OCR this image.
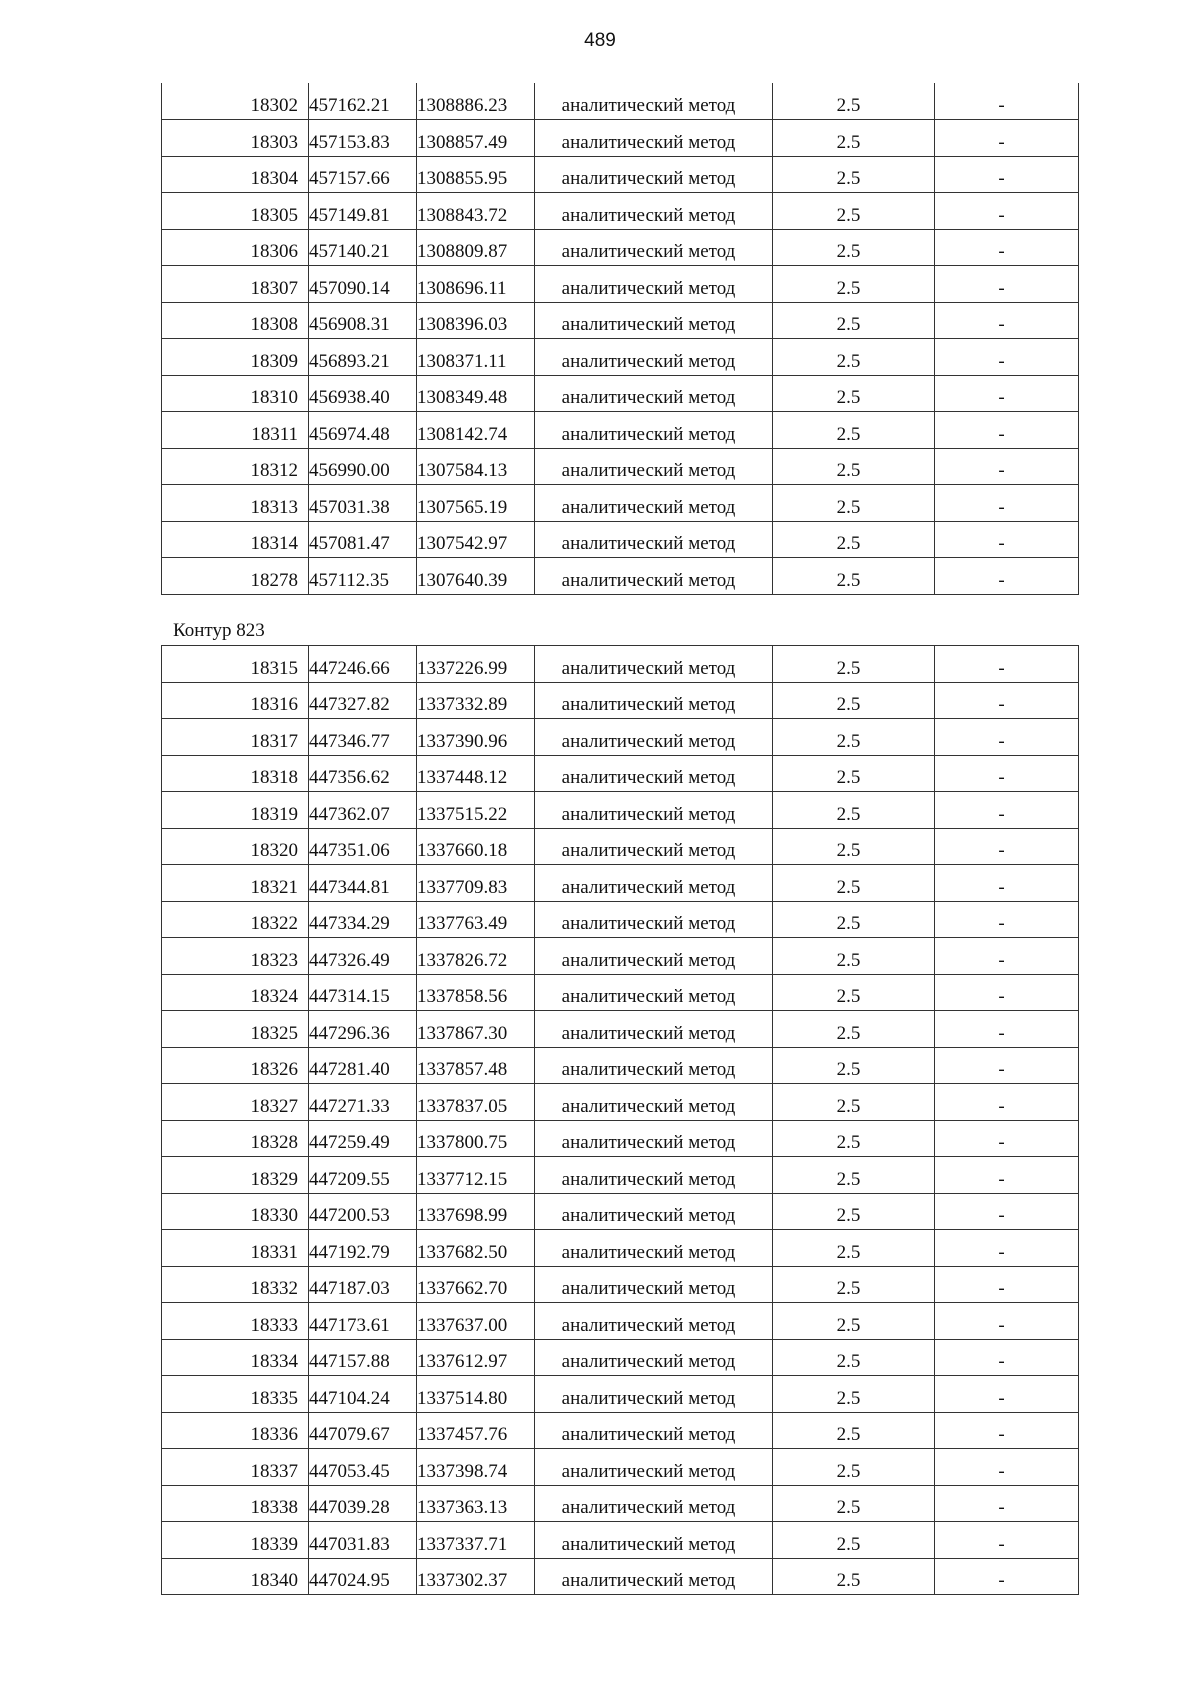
489
18302	457162.21	1308886.23	аналитический метод	2.5	-
18303	457153.83	1308857.49	аналитический метод	2.5	-
18304	457157.66	1308855.95	аналитический метод	2.5	-
18305	457149.81	1308843.72	аналитический метод	2.5	-
18306	457140.21	1308809.87	аналитический метод	2.5	-
18307	457090.14	1308696.11	аналитический метод	2.5	-
18308	456908.31	1308396.03	аналитический метод	2.5	-
18309	456893.21	1308371.11	аналитический метод	2.5	-
18310	456938.40	1308349.48	аналитический метод	2.5	-
18311	456974.48	1308142.74	аналитический метод	2.5	-
18312	456990.00	1307584.13	аналитический метод	2.5	-
18313	457031.38	1307565.19	аналитический метод	2.5	-
18314	457081.47	1307542.97	аналитический метод	2.5	-
18278	457112.35	1307640.39	аналитический метод	2.5	-
Контур 823
18315	447246.66	1337226.99	аналитический метод	2.5	-
18316	447327.82	1337332.89	аналитический метод	2.5	-
18317	447346.77	1337390.96	аналитический метод	2.5	-
18318	447356.62	1337448.12	аналитический метод	2.5	-
18319	447362.07	1337515.22	аналитический метод	2.5	-
18320	447351.06	1337660.18	аналитический метод	2.5	-
18321	447344.81	1337709.83	аналитический метод	2.5	-
18322	447334.29	1337763.49	аналитический метод	2.5	-
18323	447326.49	1337826.72	аналитический метод	2.5	-
18324	447314.15	1337858.56	аналитический метод	2.5	-
18325	447296.36	1337867.30	аналитический метод	2.5	-
18326	447281.40	1337857.48	аналитический метод	2.5	-
18327	447271.33	1337837.05	аналитический метод	2.5	-
18328	447259.49	1337800.75	аналитический метод	2.5	-
18329	447209.55	1337712.15	аналитический метод	2.5	-
18330	447200.53	1337698.99	аналитический метод	2.5	-
18331	447192.79	1337682.50	аналитический метод	2.5	-
18332	447187.03	1337662.70	аналитический метод	2.5	-
18333	447173.61	1337637.00	аналитический метод	2.5	-
18334	447157.88	1337612.97	аналитический метод	2.5	-
18335	447104.24	1337514.80	аналитический метод	2.5	-
18336	447079.67	1337457.76	аналитический метод	2.5	-
18337	447053.45	1337398.74	аналитический метод	2.5	-
18338	447039.28	1337363.13	аналитический метод	2.5	-
18339	447031.83	1337337.71	аналитический метод	2.5	-
18340	447024.95	1337302.37	аналитический метод	2.5	-
